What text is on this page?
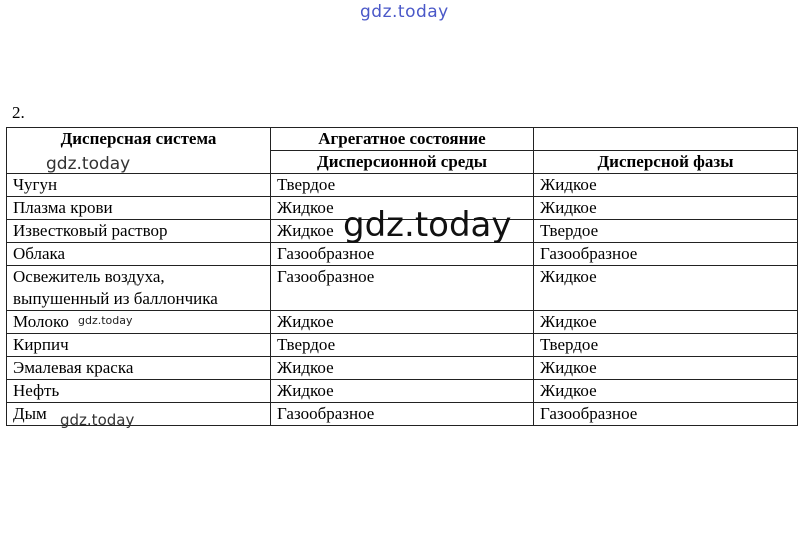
gdz.today
2.
Дисперсная система	Агрегатное состояние	
	Дисперсионной среды	Дисперсной фазы
Чугун	Твердое	Жидкое
Плазма крови	Жидкое	Жидкое
Известковый раствор	Жидкое	Твердое
Облака	Газообразное	Газообразное
Освежитель воздуха,
выпушенный из баллончика	Газообразное	Жидкое
Молоко	Жидкое	Жидкое
Кирпич	Твердое	Твердое
Эмалевая краска	Жидкое	Жидкое
Нефть	Жидкое	Жидкое
Дым	Газообразное	Газообразное
gdz.today
gdz.today
gdz.today
gdz.today
